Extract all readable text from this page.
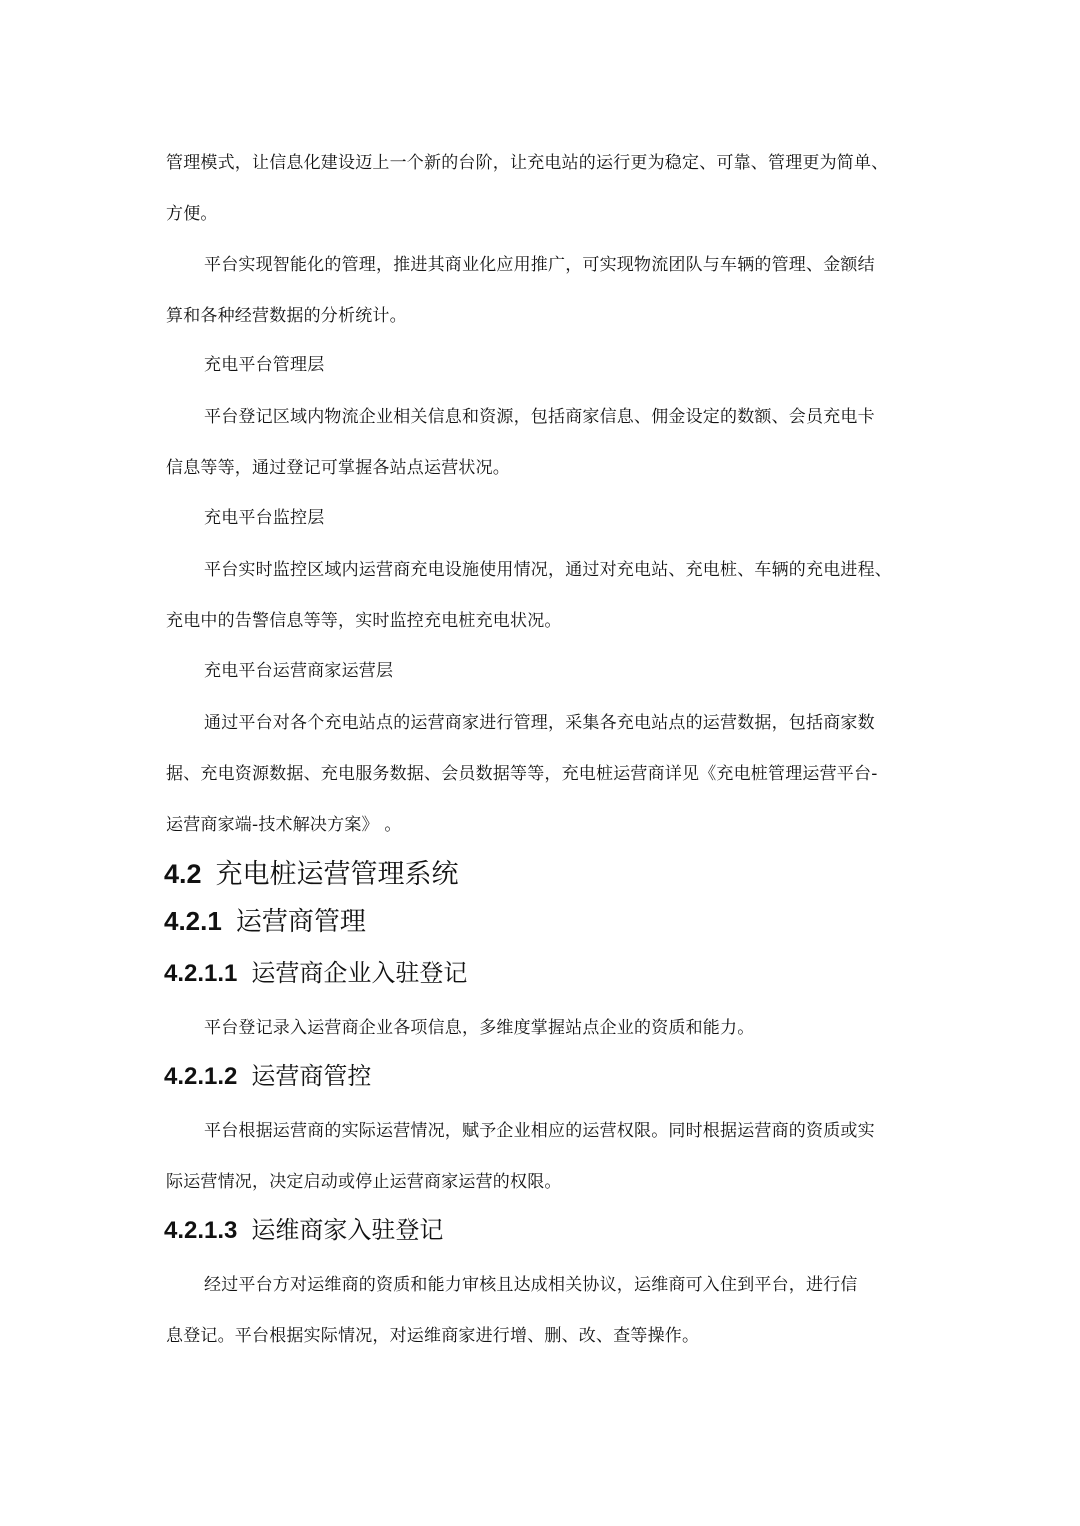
管理模式，让信息化建设迈上一个新的台阶，让充电站的运行更为稳定、可靠、管理更为简单、

方便。

平台实现智能化的管理，推进其商业化应用推广，可实现物流团队与车辆的管理、金额结

算和各种经营数据的分析统计。

充电平台管理层

平台登记区域内物流企业相关信息和资源，包括商家信息、佣金设定的数额、会员充电卡

信息等等，通过登记可掌握各站点运营状况。

充电平台监控层

平台实时监控区域内运营商充电设施使用情况，通过对充电站、充电桩、车辆的充电进程、

充电中的告警信息等等，实时监控充电桩充电状况。

充电平台运营商家运营层

通过平台对各个充电站点的运营商家进行管理，采集各充电站点的运营数据，包括商家数

据、充电资源数据、充电服务数据、会员数据等等，充电桩运营商详见《充电桩管理运营平台-

运营商家端-技术解决方案》 。

4.2 充电桩运营管理系统
4.2.1 运营商管理
4.2.1.1 运营商企业入驻登记

平台登记录入运营商企业各项信息，多维度掌握站点企业的资质和能力。

4.2.1.2 运营商管控

平台根据运营商的实际运营情况，赋予企业相应的运营权限。同时根据运营商的资质或实

际运营情况，决定启动或停止运营商家运营的权限。

4.2.1.3 运维商家入驻登记

经过平台方对运维商的资质和能力审核且达成相关协议，运维商可入住到平台，进行信

息登记。平台根据实际情况，对运维商家进行增、删、改、查等操作。
